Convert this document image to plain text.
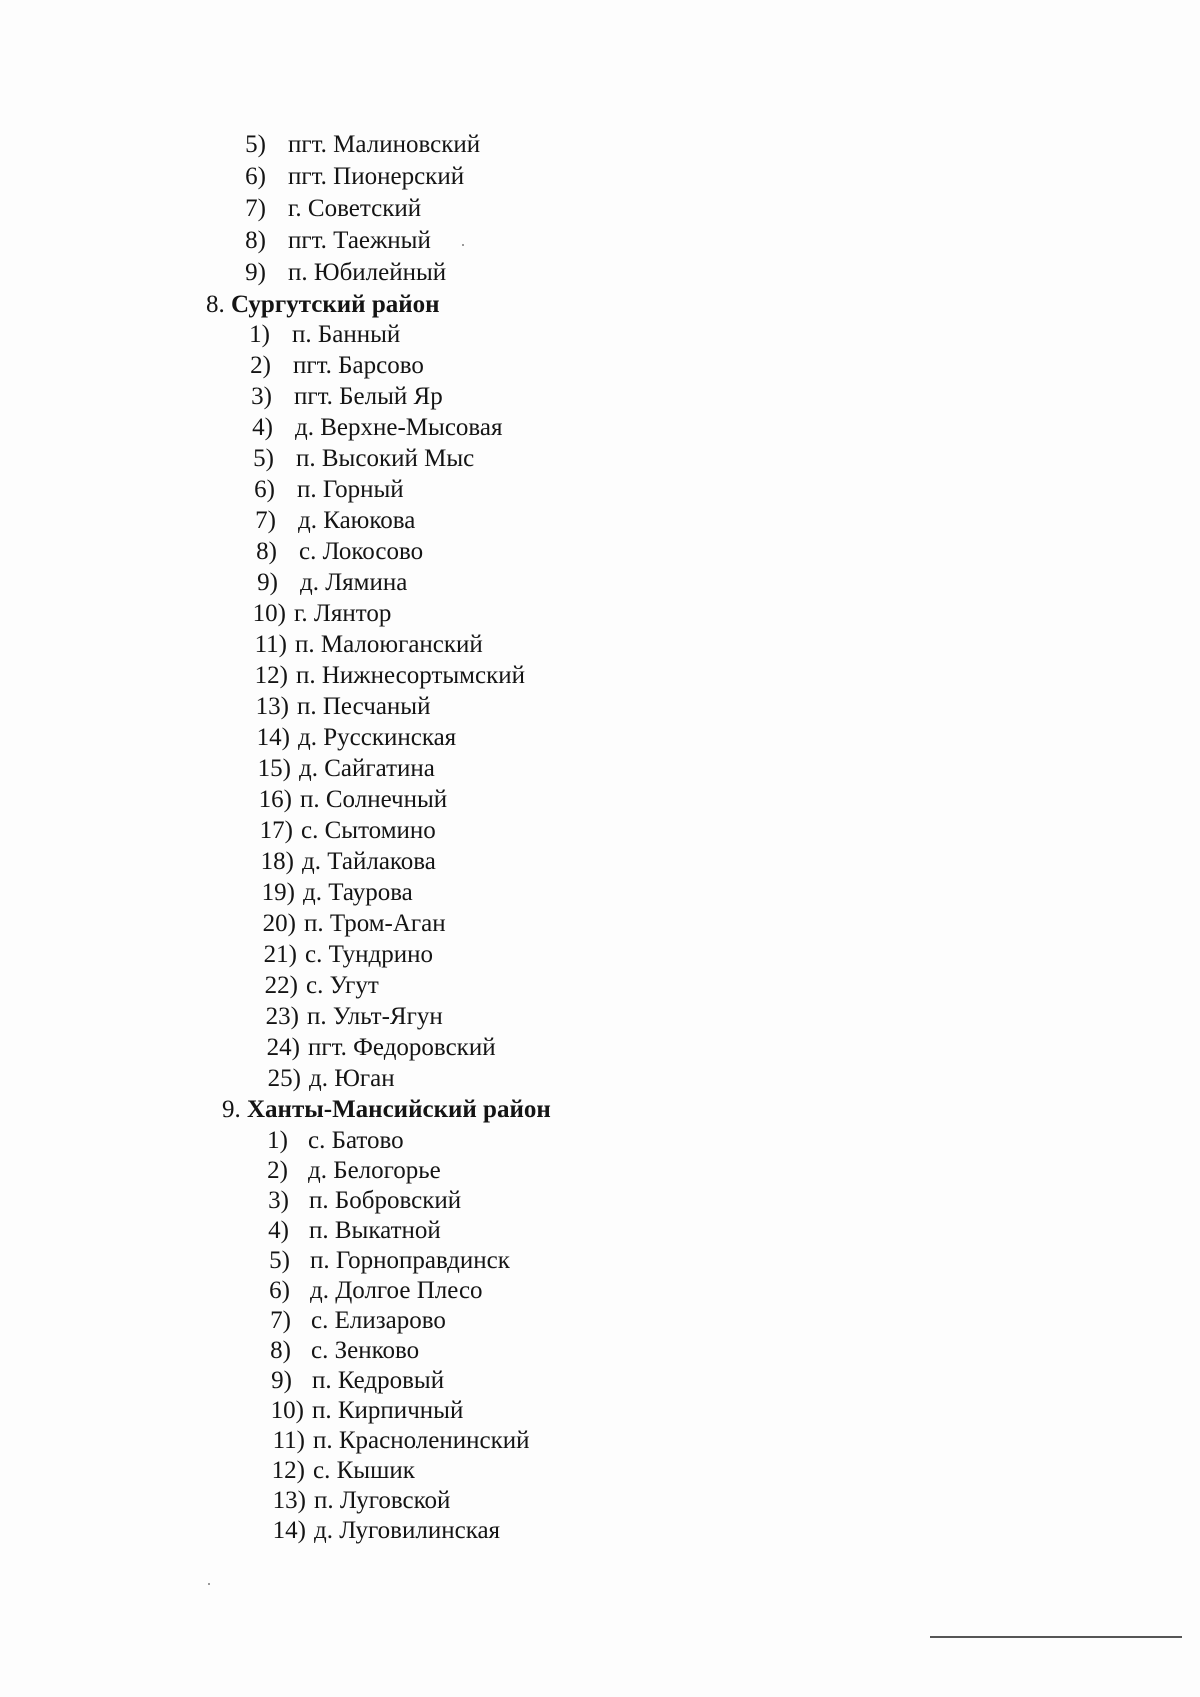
5) пгт. Малиновский
6) пгт. Пионерский
7) г. Советский
8) пгт. Таежный
9) п. Юбилейный
8. Сургутский район
1) п. Банный
2) пгт. Барсово
3) пгт. Белый Яр
4) д. Верхне-Мысовая
5) п. Высокий Мыс
6) п. Горный
7) д. Каюкова
8) с. Локосово
9) д. Лямина
10) г. Лянтор
11) п. Малоюганский
12) п. Нижнесортымский
13) п. Песчаный
14) д. Русскинская
15) д. Сайгатина
16) п. Солнечный
17) с. Сытомино
18) д. Тайлакова
19) д. Таурова
20) п. Тром-Аган
21) с. Тундрино
22) с. Угут
23) п. Ульт-Ягун
24) пгт. Федоровский
25) д. Юган
9. Ханты-Мансийский район
1) с. Батово
2) д. Белогорье
3) п. Бобровский
4) п. Выкатной
5) п. Горноправдинск
6) д. Долгое Плесо
7) с. Елизарово
8) с. Зенково
9) п. Кедровый
10) п. Кирпичный
11) п. Красноленинский
12) с. Кышик
13) п. Луговской
14) д. Луговилинская
